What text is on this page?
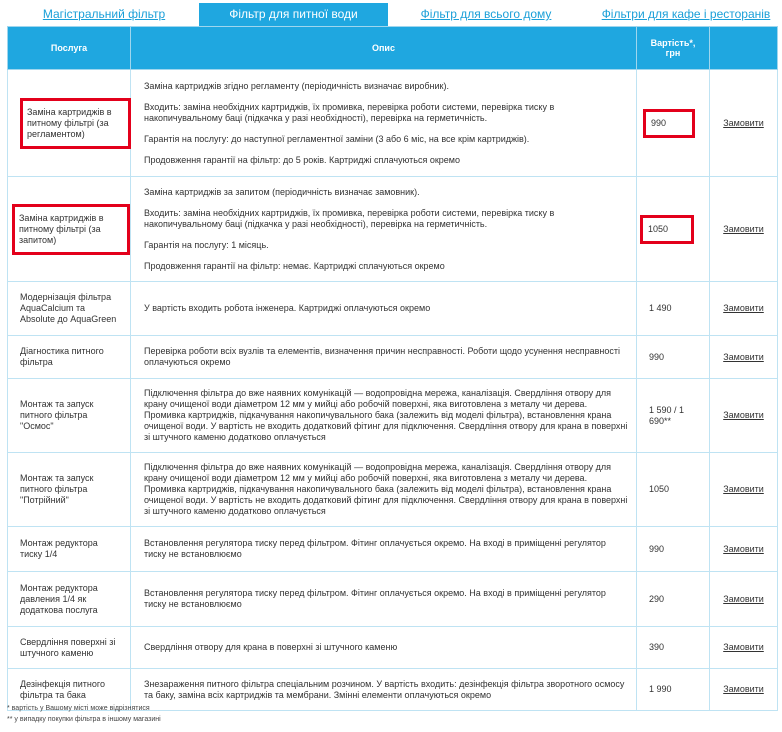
Магістральний фільтр	Фільтр для питної води	Фільтр для всього дому	Фільтри для кафе і ресторанів
Послуга	Опис	Вартість*,
грн	
Заміна картриджів в питному фільтрі (за регламентом)	Заміна картриджів згідно регламенту (періодичність визначає виробник).

Входить: заміна необхідних картриджів, їх промивка, перевірка роботи системи, перевірка тиску в накопичувальному баці (підкачка у разі необхідності), перевірка на герметичність.

Гарантія на послугу: до наступної регламентної заміни (3 або 6 міс, на все крім картриджів).

Продовження гарантії на фільтр: до 5 років. Картриджі сплачуються окремо	990	Замовити
Заміна картриджів в питному фільтрі (за запитом)	Заміна картриджів за запитом (періодичність визначає замовник).

Входить: заміна необхідних картриджів, їх промивка, перевірка роботи системи, перевірка тиску в накопичувальному баці (підкачка у разі необхідності), перевірка на герметичність.

Гарантія на послугу: 1 місяць.

Продовження гарантії на фільтр: немає. Картриджі сплачуються окремо	1050	Замовити
Модернізація фільтра AquaCalcium та Absolute до AquaGreen	У вартість входить робота інженера. Картриджі оплачуються окремо	1 490	Замовити
Діагностика питного фільтра	Перевірка роботи всіх вузлів та елементів, визначення причин несправності. Роботи щодо усунення несправності оплачуються окремо	990	Замовити
Монтаж та запуск питного фільтра "Осмос"	Підключення фільтра до вже наявних комунікацій — водопровідна мережа, каналізація. Свердління отвору для крану очищеної води діаметром 12 мм у мийці або робочій поверхні, яка виготовлена з металу чи дерева. Промивка картриджів, підкачування накопичувального бака (залежить від моделі фільтра), встановлення крана очищеної води. У вартість не входить додатковий фітинг для підключення. Свердління отвору для крана в поверхні зі штучного каменю додатково оплачується	1 590 / 1 690**	Замовити
Монтаж та запуск питного фільтра "Потрійний"	Підключення фільтра до вже наявних комунікацій — водопровідна мережа, каналізація. Свердління отвору для крану очищеної води діаметром 12 мм у мийці або робочій поверхні, яка виготовлена з металу чи дерева. Промивка картриджів, підкачування накопичувального бака (залежить від моделі фільтра), встановлення крана очищеної води. У вартість не входить додатковий фітинг для підключення. Свердління отвору для крана в поверхні зі штучного каменю додатково оплачується	1050	Замовити
Монтаж редуктора тиску 1/4	Встановлення регулятора тиску перед фільтром. Фітинг оплачується окремо. На вході в приміщенні регулятор тиску не встановлюємо	990	Замовити
Монтаж редуктора давления 1/4 як додаткова послуга	Встановлення регулятора тиску перед фільтром. Фітинг оплачується окремо. На вході в приміщенні регулятор тиску не встановлюємо	290	Замовити
Свердління поверхні зі штучного каменю	Свердління отвору для крана в поверхні зі штучного каменю	390	Замовити
Дезінфекція питного фільтра та бака	Знезараження питного фільтра спеціальним розчином. У вартість входить: дезінфекція фільтра зворотного осмосу та баку, заміна всіх картриджів та мембрани. Змінні елементи оплачуються окремо	1 990	Замовити
* вартість у Вашому місті може відрізнятися
** у випадку покупки фільтра в іншому магазині
